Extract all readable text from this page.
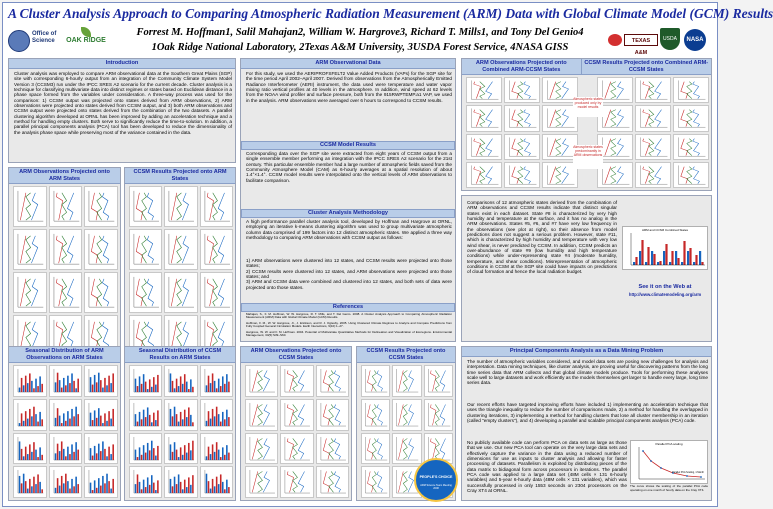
A Cluster Analysis Approach to Comparing Atmospheric Radiation Measurement (ARM) Data with Global Climate Model (GCM) Results
Forrest M. Hoffman1, Salil Mahajan2, William W. Hargrove3, Richard T. Mills1, and Tony Del Genio4
1Oak Ridge National Laboratory, 2Texas A&M University, 3USDA Forest Service, 4NASA GISS
Office of Science	OAK RIDGE	TEXAS A&M
USDA	NASA
Introduction
Cluster analysis was employed to compare ARM observational data at the Southern Great Plains (SGP) site with corresponding 6-hourly output from an integration of the Community Climate System Model Version 3 (CCSM3) run under the IPCC SRES A2 scenario for the current decade. Cluster analysis is a technique for classifying multivariate data into distinct regimes or states based on Euclidean distance in a phase space formed from the variables under consideration. A three-way process was used for the comparison: 1) CCSM output was projected onto states derived from ARM observations, 2) ARM observations were projected onto states derived from CCSM output, and 3) both ARM observations and CCSM output were projected onto states derived from the combination of the two datasets. A parallel clustering algorithm developed at ORNL has been improved by adding an acceleration technique and a method for handling empty clusters. Both serve to significantly reduce the time-to-solution. In addition, a parallel principal components analysis (PCA) tool has been developed to reduce the dimensionality of the analysis phase space while preserving most of the variance contained in the data.
ARM Observations Projected onto ARM States
CCSM Results Projected onto ARM States
ARM Observational Data
For this study, we used the AERIPROFSFELT2 Value Added Products (VAPs) for the SGP site for the time period April 2002–April 2007. Derived from observations from the Atmospherically Emitted Radiance Interferometer (AERI) instrument, the data used were temperature and water vapor mixing ratio vertical profiles at 40 levels in the atmosphere. In addition, wind speed at 62 levels from the NOAA wind profiler and surface pressure, both from the 915RWPTEMP.a1 VAP, we used in the analysis. ARM observations were averaged over 6 hours to correspond to CCSM results.
CCSM Model Results
Corresponding data over the SGP site were extracted from eight years of CCSM output from a single ensemble member performing an integration with the IPCC SRES A2 scenario for the 21st century. This particular ensemble member had a large number of atmospheric fields saved from the Community Atmosphere Model (CAM) as 6-hourly averages at a spatial resolution of about 1.4°×1.4°. CCSM model results were interpolated onto the vertical levels of ARM observations to facilitate comparison.
Cluster Analysis Methodology
A high performance parallel cluster analysis tool, developed by Hoffman and Hargrove at ORNL, employing an iterative k-means clustering algorithm was used to group multivariate atmospheric column data comprised of 199 factors into 12 distinct atmospheric states. We applied a three way methodology to comparing ARM observations with CCSM output as follows:
1) ARM observations were clustered into 12 states, and CCSM results were projected onto those states;
2) CCSM results were clustered into 12 states, and ARM observations were projected onto those states; and
3) ARM and CCSM data were combined and clustered into 12 states, and both sets of data were projected onto those states.
References
Mahajan, S., F. M. Hoffman, W. W. Hargrove, R. T. Mills, and T. Del Genio. 2008. A Cluster Analysis Approach to Comparing Atmospheric Radiation Measurement (ARM) Data with Global Climate Model (GCM) Results.
Hoffman, F. M., W. W. Hargrove, Jr., J. Erickson, and R. J. Oglesby. 2005. Using Clustered Climate Regimes to Analyze and Compare Predictions from Fully Coupled General Circulation Models. Earth Interactions, 9(10):1–27.
Hargrove, W. W. and F. M. Hoffman. 2004. Potential of Multivariate Quantitative Methods for Delineation and Visualization of Ecoregions. Environmental Management, 34(5):S39–S60.
ARM Observations Projected onto Combined ARM-CCSM States
CCSM Results Projected onto Combined ARM-CCSM States
Atmospheric states produced only by model results
Atmospheric states predominantly in ARM observations
Comparisons of 12 atmospheric states derived from the combination of ARM observations and CCSM results indicate that distinct singular states exist in each dataset. State #8 is characterized by very high humidity and temperature at the surface, and it has no analog in the ARM observations. States #5, #6, and #7 have very low frequency in the observations (see plot at right), so their absence from model predictions does not suggest a serious problem. However, state #11, which is characterized by high humidity and temperature with very low wind shear, is never predicted by CCSM. In addition, CCSM predicts an over-abundance of state #9 (low humidity and high temperature conditions) while under-representing state #4 (moderate humidity, temperature, and shear conditions). Misrepresentation of atmospheric conditions in CCSM at the SGP site could have impacts on predictions of cloud formation and hence the local radiation budget.
ARM and CCSM Combined States
See it on the Web at
http://www.climatemodeling.org/arm
Seasonal Distribution of ARM Observations on ARM States
Seasonal Distribution of CCSM Results on ARM States
ARM Observations Projected onto CCSM States
CCSM Results Projected onto CCSM States
Principal Components Analysis as a Data Mining Problem
The number of atmospheric variables considered, and model data sets are posing new challenges for analysis and interpretation. Data mining techniques, like cluster analysis, are proving useful for discovering patterns from the long time series data that ARM collects and that global climate models produce. Tools for performing these analyses scale well to large datasets and work efficiently as the models themselves get larger to handle every large, long time series data.
Our recent efforts have targeted improving efforts have included 1) implementing an acceleration technique that uses the triangle inequality to reduce the number of comparisons made, 2) a method for handling the overlapped in clustering iterations, 3) implementing a method for handling clusters that lose all cluster membership in an iteration (called "empty clusters"), and 4) developing a parallel and scalable principal components analysis (PCA) code.
No publicly available code can perform PCA on data sets as large as those that we use. Our new PCA tool can operate on the very large data sets and effectively capture the variance in the data using a reduced number of dimensions for use as inputs to cluster analysis and allowing for faster processing of datasets. Parallelism is exploited by distributing pieces of the data matrix to bidiagonal form across processors in iterations. The parallel PCA code was applied to a large data set (48M cells × 131 6-hourly variables) and 5-year 6-hourly data (48M cells × 131 variables), which was successfully processed in only 1553 seconds on 2304 processors on the Cray XT4 at ORNL.
Parallel PCA scaling
Parallel PCA Scaling, 1 Month
The curve shows the scaling of the parallel PCA code operating on one month of hourly data on the Cray XT4.
PEOPLE'S CHOICE
ARM Science Team Meeting 2008
